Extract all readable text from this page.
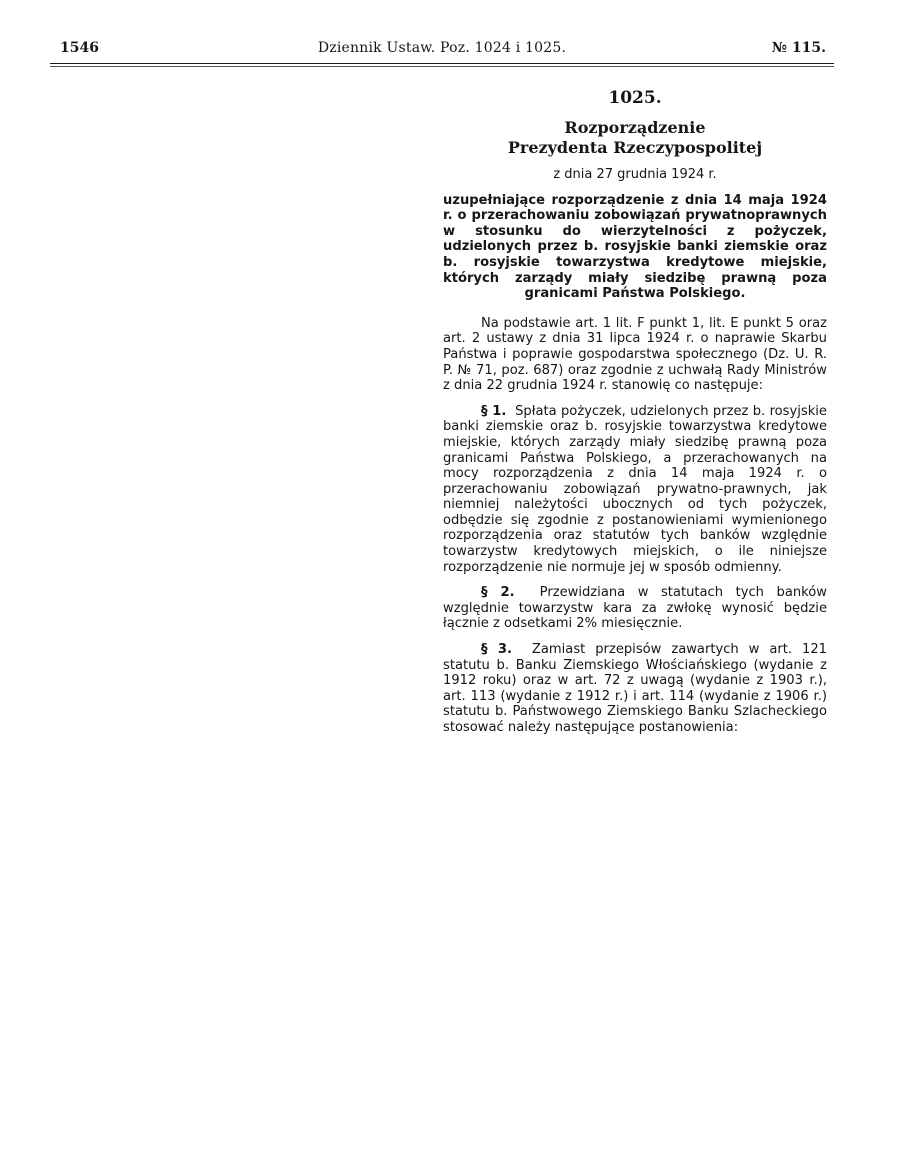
1546	Dziennik Ustaw. Poz. 1024 i 1025.	№ 115.
1025.
Rozporządzenie
Prezydenta Rzeczypospolitej
z dnia 27 grudnia 1924 r.
uzupełniające rozporządzenie z dnia 14 maja 1924 r. o przerachowaniu zobowiązań prywatnoprawnych w stosunku do wierzytelności z pożyczek, udzielonych przez b. rosyjskie banki ziemskie oraz b. rosyjskie towarzystwa kredytowe miejskie, których zarządy miały siedzibę prawną poza granicami Państwa Polskiego.
Na podstawie art. 1 lit. F punkt 1, lit. E punkt 5 oraz art. 2 ustawy z dnia 31 lipca 1924 r. o naprawie Skarbu Państwa i poprawie gospodarstwa społecznego (Dz. U. R. P. № 71, poz. 687) oraz zgodnie z uchwałą Rady Ministrów z dnia 22 grudnia 1924 r. stanowię co następuje:
§ 1. Spłata pożyczek, udzielonych przez b. rosyjskie banki ziemskie oraz b. rosyjskie towarzystwa kredytowe miejskie, których zarządy miały siedzibę prawną poza granicami Państwa Polskiego, a przerachowanych na mocy rozporządzenia z dnia 14 maja 1924 r. o przerachowaniu zobowiązań prywatno-prawnych, jak niemniej należytości ubocznych od tych pożyczek, odbędzie się zgodnie z postanowieniami wymienionego rozporządzenia oraz statutów tych banków względnie towarzystw kredytowych miejskich, o ile niniejsze rozporządzenie nie normuje jej w sposób odmienny.
§ 2. Przewidziana w statutach tych banków względnie towarzystw kara za zwłokę wynosić będzie łącznie z odsetkami 2% miesięcznie.
§ 3. Zamiast przepisów zawartych w art. 121 statutu b. Banku Ziemskiego Włościańskiego (wydanie z 1912 roku) oraz w art. 72 z uwagą (wydanie z 1903 r.), art. 113 (wydanie z 1912 r.) i art. 114 (wydanie z 1906 r.) statutu b. Państwowego Ziemskiego Banku Szlacheckiego stosować należy następujące postanowienia:
